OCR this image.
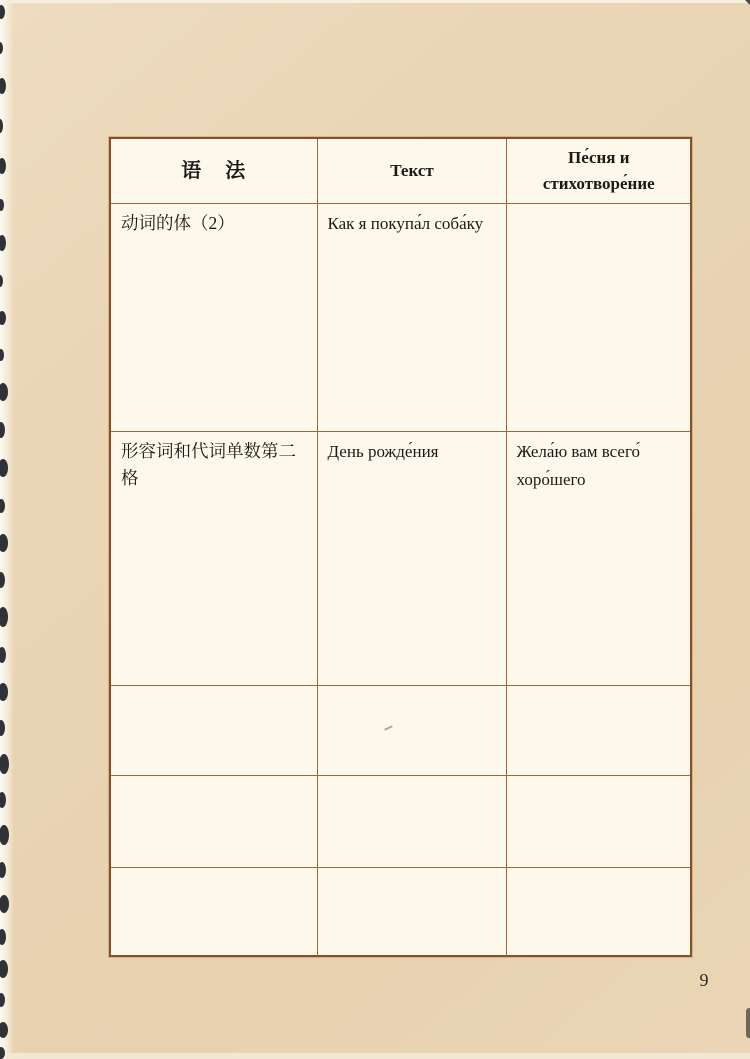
语　法	Текст	Пе́сня и стихотворе́ние
动词的体（2）	Как я покупа́л соба́ку	
形容词和代词单数第二格	День рожде́ния	Жела́ю вам всего́ хоро́шего

9
